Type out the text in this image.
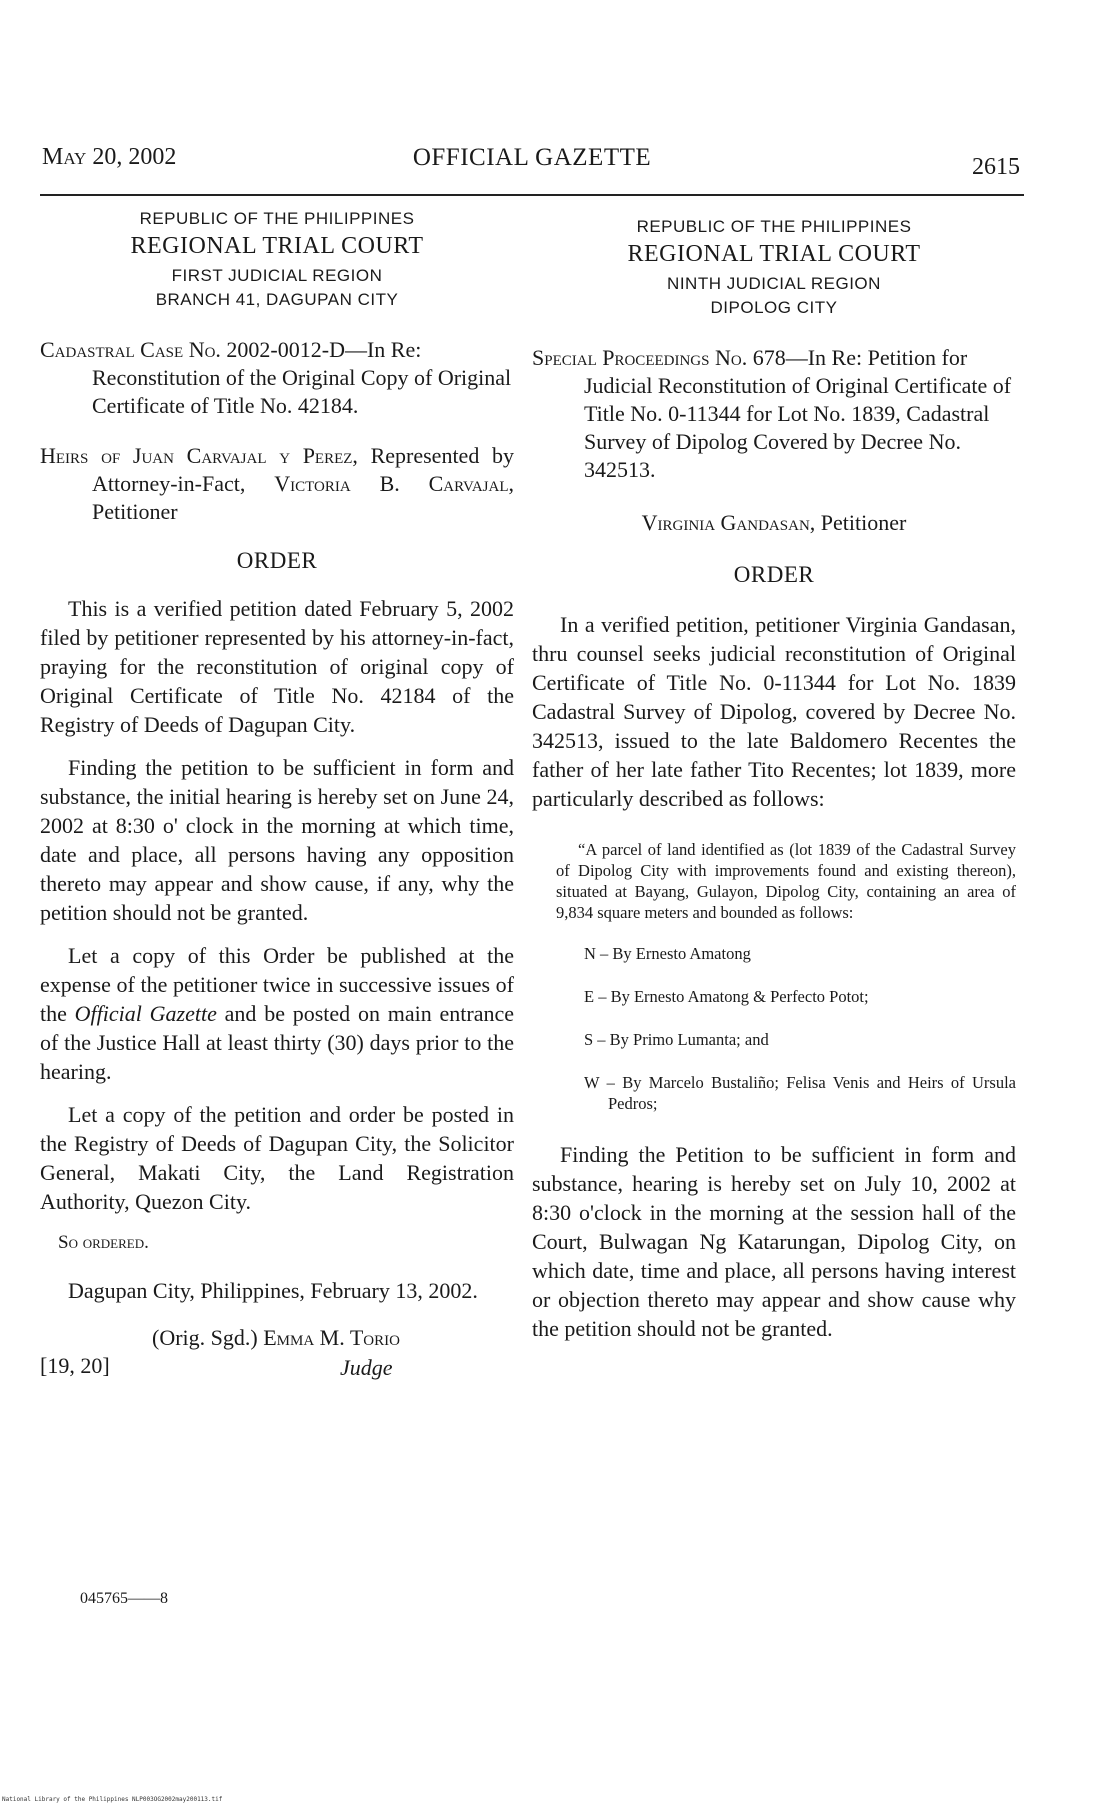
May 20, 2002	OFFICIAL GAZETTE	2615
REPUBLIC OF THE PHILIPPINES
REGIONAL TRIAL COURT
FIRST JUDICIAL REGION
BRANCH 41, DAGUPAN CITY
Cadastral Case No. 2002-0012-D—In Re: Reconstitution of the Original Copy of Original Certificate of Title No. 42184.
Heirs of Juan Carvajal y Perez, Represented by Attorney-in-Fact, Victoria B. Carvajal, Petitioner
ORDER

This is a verified petition dated February 5, 2002 filed by petitioner represented by his attorney-in-fact, praying for the reconstitution of original copy of Original Certificate of Title No. 42184 of the Registry of Deeds of Dagupan City.

Finding the petition to be sufficient in form and substance, the initial hearing is hereby set on June 24, 2002 at 8:30 o' clock in the morning at which time, date and place, all persons having any opposition thereto may appear and show cause, if any, why the petition should not be granted.

Let a copy of this Order be published at the expense of the petitioner twice in successive issues of the Official Gazette and be posted on main entrance of the Justice Hall at least thirty (30) days prior to the hearing.

Let a copy of the petition and order be posted in the Registry of Deeds of Dagupan City, the Solicitor General, Makati City, the Land Registration Authority, Quezon City.

So ordered.

Dagupan City, Philippines, February 13, 2002.

(Orig. Sgd.) Emma M. Torio
[19, 20]	Judge
045765——8
REPUBLIC OF THE PHILIPPINES
REGIONAL TRIAL COURT
NINTH JUDICIAL REGION
DIPOLOG CITY
Special Proceedings No. 678—In Re: Petition for Judicial Reconstitution of Original Certificate of Title No. 0-11344 for Lot No. 1839, Cadastral Survey of Dipolog Covered by Decree No. 342513.
Virginia Gandasan, Petitioner
ORDER

In a verified petition, petitioner Virginia Gandasan, thru counsel seeks judicial reconstitution of Original Certificate of Title No. 0-11344 for Lot No. 1839 Cadastral Survey of Dipolog, covered by Decree No. 342513, issued to the late Baldomero Recentes the father of her late father Tito Recentes; lot 1839, more particularly described as follows:

“A parcel of land identified as (lot 1839 of the Cadastral Survey of Dipolog City with improvements found and existing thereon), situated at Bayang, Gulayon, Dipolog City, containing an area of 9,834 square meters and bounded as follows:

N – By Ernesto Amatong

E – By Ernesto Amatong & Perfecto Potot;

S – By Primo Lumanta; and

W – By Marcelo Bustaliño; Felisa Venis and Heirs of Ursula Pedros;

Finding the Petition to be sufficient in form and substance, hearing is hereby set on July 10, 2002 at 8:30 o'clock in the morning at the session hall of the Court, Bulwagan Ng Katarungan, Dipolog City, on which date, time and place, all persons having interest or objection thereto may appear and show cause why the petition should not be granted.

National Library of the Philippines NLP003OG2002may200113.tif
